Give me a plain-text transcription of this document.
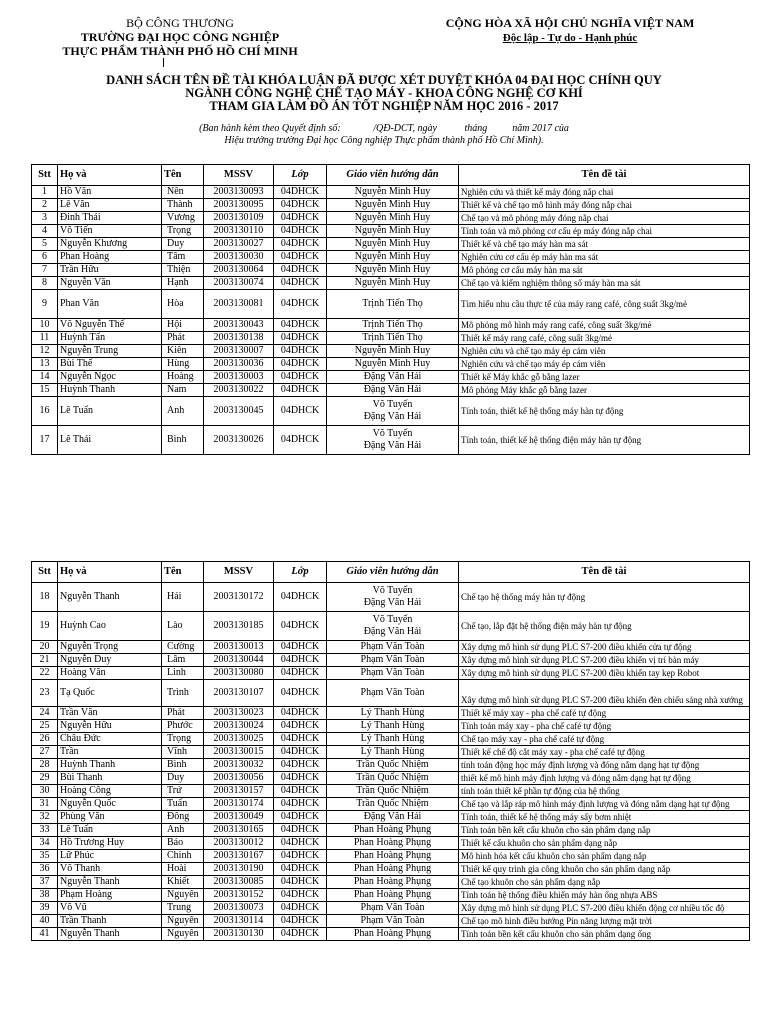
BỘ CÔNG THƯƠNG
TRƯỜNG ĐẠI HỌC CÔNG NGHIỆP
THỰC PHẨM THÀNH PHỐ HỒ CHÍ MINH
CỘNG HÒA XÃ HỘI CHỦ NGHĨA VIỆT NAM
Độc lập - Tự do - Hạnh phúc
DANH SÁCH TÊN ĐỀ TÀI KHÓA LUẬN ĐÃ ĐƯỢC XÉT DUYỆT KHÓA 04 ĐẠI HỌC CHÍNH QUY
NGÀNH CÔNG NGHỆ CHẾ TẠO MÁY - KHOA CÔNG NGHỆ CƠ KHÍ
THAM GIA LÀM ĐỒ ÁN TỐT NGHIỆP NĂM HỌC 2016 - 2017
(Ban hành kèm theo Quyết định số:             /QĐ-DCT, ngày           tháng          năm 2017 của
Hiệu trưởng trường Đại học Công nghiệp Thực phẩm thành phố Hồ Chí Minh).
Stt	Họ và	Tên	MSSV	Lớp	Giáo viên hướng dẫn	Tên đề tài
1	Hồ Văn	Nên	2003130093	04DHCK	Nguyễn Minh Huy	Nghiên cứu và thiết kế máy đóng nắp chai
2	Lê Văn	Thành	2003130095	04DHCK	Nguyễn Minh Huy	Thiết kế và chế tạo mô hình máy đóng nắp chai
3	Đinh Thái	Vương	2003130109	04DHCK	Nguyễn Minh Huy	Chế tạo và mô phỏng máy đóng nắp chai
4	Võ Tiến	Trọng	2003130110	04DHCK	Nguyễn Minh Huy	Tính toán và mô phỏng cơ cấu ép máy đóng nắp chai
5	Nguyễn Khương	Duy	2003130027	04DHCK	Nguyễn Minh Huy	Thiết kế và chế tạo máy hàn ma sát
6	Phan Hoàng	Tâm	2003130030	04DHCK	Nguyễn Minh Huy	Nghiên cứu cơ cấu ép máy hàn ma sát
7	Trần Hữu	Thiện	2003130064	04DHCK	Nguyễn Minh Huy	Mô phỏng cơ cấu máy hàn ma sát
8	Nguyễn Văn	Hạnh	2003130074	04DHCK	Nguyễn Minh Huy	Chế tạo và kiểm nghiệm thông số máy hàn ma sát
9	Phan Văn	Hòa	2003130081	04DHCK	Trịnh Tiến Thọ	Tìm hiểu nhu cầu thực tế của máy rang café, công suất 3kg/mẻ
10	Võ Nguyễn Thế	Hội	2003130043	04DHCK	Trịnh Tiến Thọ	Mô phỏng mô hình máy rang café, công suất 3kg/mẻ
11	Huỳnh Tấn	Phát	2003130138	04DHCK	Trịnh Tiến Thọ	Thiết kế máy rang café, công suất 3kg/mẻ
12	Nguyễn Trung	Kiên	2003130007	04DHCK	Nguyễn Minh Huy	Nghiên cứu và chế tạo máy ép cám viên
13	Bùi Thế	Hùng	2003130036	04DHCK	Nguyễn Minh Huy	Nghiên cứu và chế tạo máy ép cám viên
14	Nguyễn Ngọc	Hoàng	2003130003	04DHCK	Đặng Văn Hải	Thiết kế Máy khắc gỗ bằng lazer
15	Huỳnh Thanh	Nam	2003130022	04DHCK	Đặng Văn Hải	Mô phỏng Máy khắc gỗ bằng lazer
16	Lê Tuấn	Anh	2003130045	04DHCK	Võ Tuyến
Đặng Văn Hải	Tính toán, thiết kế hệ thống máy hàn tự động
17	Lê Thái	Bình	2003130026	04DHCK	Võ Tuyến
Đặng Văn Hải	Tính toán, thiết kế hệ thống điện máy hàn tự động
Stt	Họ và	Tên	MSSV	Lớp	Giáo viên hướng dẫn	Tên đề tài
18	Nguyễn Thanh	Hải	2003130172	04DHCK	Võ Tuyến
Đặng Văn Hải	Chế tạo hệ thống máy hàn tự động
19	Huỳnh Cao	Lào	2003130185	04DHCK	Võ Tuyến
Đặng Văn Hải	Chế tạo, lắp đặt hệ thống điện máy hàn tự động
20	Nguyễn Trọng	Cường	2003130013	04DHCK	Phạm Văn Toàn	Xây dựng mô hình sử dụng PLC S7-200 điều khiển cửa tự động
21	Nguyễn Duy	Lâm	2003130044	04DHCK	Phạm Văn Toàn	Xây dựng mô hình sử dụng PLC S7-200 điều khiển vị trí bàn máy
22	Hoàng Văn	Linh	2003130080	04DHCK	Phạm Văn Toàn	Xây dựng mô hình sử dụng PLC S7-200 điều khiển tay kẹp Robot
23	Tạ Quốc	Trình	2003130107	04DHCK	Phạm Văn Toàn	Xây dựng mô hình sử dụng PLC S7-200 điều khiển đèn chiếu sáng nhà xưởng
24	Trần Văn	Phát	2003130023	04DHCK	Lý Thanh Hùng	Thiết kế máy xay - pha chế café tự động
25	Nguyễn Hữu	Phước	2003130024	04DHCK	Lý Thanh Hùng	Tính toán máy xay - pha chế café tự động
26	Châu Đức	Trọng	2003130025	04DHCK	Lý Thanh Hùng	Chế tạo máy xay - pha chế café tự động
27	Trần	Vĩnh	2003130015	04DHCK	Lý Thanh Hùng	Thiết kế chế độ cắt máy xay - pha chế café tự động
28	Huỳnh Thanh	Bình	2003130032	04DHCK	Trần Quốc Nhiệm	tính toán động học máy định lượng và đóng nắm dạng hạt tự động
29	Bùi Thanh	Duy	2003130056	04DHCK	Trần Quốc Nhiệm	thiết kế mô hình máy định lượng và đóng nắm dạng hạt tự động
30	Hoàng Công	Trứ	2003130157	04DHCK	Trần Quốc Nhiệm	tính toán thiết kế phần tự động của hệ thống
31	Nguyễn Quốc	Tuấn	2003130174	04DHCK	Trần Quốc Nhiệm	Chế tạo và lắp ráp mô hình máy định lượng và đóng nắm dạng hạt tự động
32	Phùng Văn	Đông	2003130049	04DHCK	Đặng Văn Hải	Tính toán, thiết kế hệ thống máy sấy bơm nhiệt
33	Lê Tuấn	Anh	2003130165	04DHCK	Phan Hoàng Phụng	Tính toán bền kết cấu khuôn cho sản phẩm dạng nắp
34	Hồ Trương Huy	Bảo	2003130012	04DHCK	Phan Hoàng Phụng	Thiết kế cấu khuôn cho sản phẩm dạng nắp
35	Lữ Phúc	Chinh	2003130167	04DHCK	Phan Hoàng Phụng	Mô hình hóa kết cấu khuôn cho sản phẩm dạng nắp
36	Võ Thanh	Hoài	2003130190	04DHCK	Phan Hoàng Phụng	Thiết kế quy trình gia công khuôn cho sản phẩm dạng nắp
37	Nguyễn Thanh	Khiết	2003130085	04DHCK	Phan Hoàng Phụng	Chế tạo khuôn cho sản phẩm dạng nắp
38	Phạm Hoàng	Nguyên	2003130152	04DHCK	Phan Hoàng Phụng	Tính toán hệ thống điều khiển máy hàn ống nhựa ABS
39	Võ Vũ	Trung	2003130073	04DHCK	Phạm Văn Toàn	Xây dựng mô hình sử dụng PLC S7-200 điều khiển động cơ nhiều tốc độ
40	Trần Thanh	Nguyên	2003130114	04DHCK	Phạm Văn Toàn	Chế tạo mô hình điều hướng Pin năng lượng mặt trời
41	Nguyễn Thanh	Nguyên	2003130130	04DHCK	Phan Hoàng Phụng	Tính toán bền kết cấu khuôn cho sản phẩm dạng ống
